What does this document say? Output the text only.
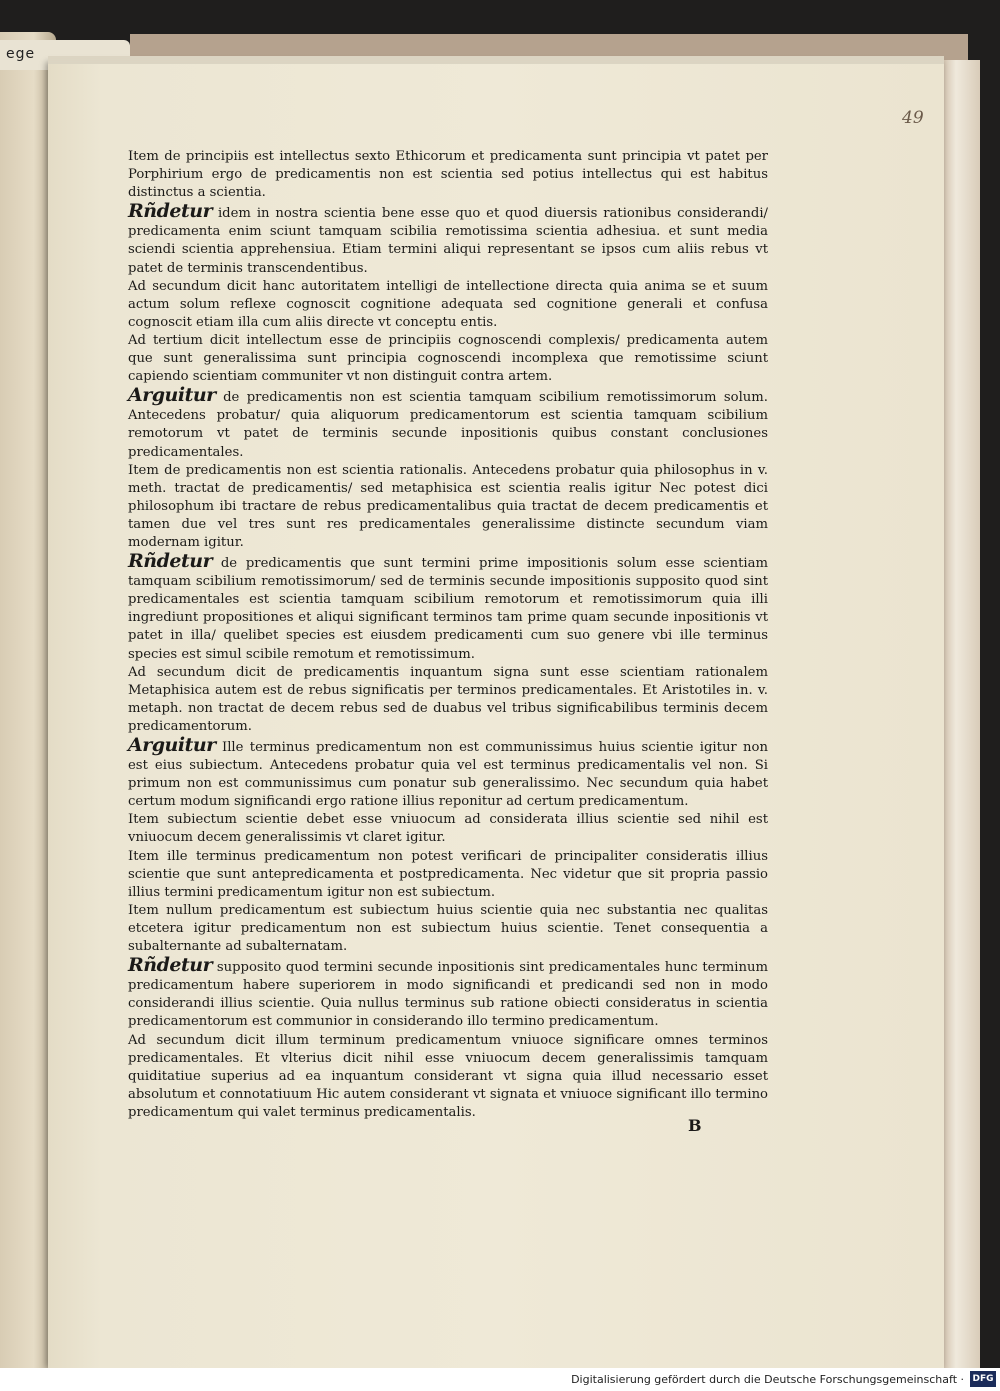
ege
49

Item de principiis est intellectus sexto Ethicorum et predicamenta sunt principia vt patet per Porphirium ergo de predicamentis non est scientia sed potius intellectus qui est habitus distinctus a scientia.

Rñdetur idem in nostra scientia bene esse quo et quod diuersis rationibus considerandi/ predicamenta enim sciunt tamquam scibilia remotissima scientia adhesiua. et sunt media sciendi scientia apprehensiua. Etiam termini aliqui representant se ipsos cum aliis rebus vt patet de terminis transcendentibus.

Ad secundum dicit hanc autoritatem intelligi de intellectione directa quia anima se et suum actum solum reflexe cognoscit cognitione adequata sed cognitione generali et confusa cognoscit etiam illa cum aliis directe vt conceptu entis.

Ad tertium dicit intellectum esse de principiis cognoscendi complexis/ predicamenta autem que sunt generalissima sunt principia cognoscendi incomplexa que remotissime sciunt capiendo scientiam communiter vt non distinguit contra artem.

Arguitur de predicamentis non est scientia tamquam scibilium remotissimorum solum. Antecedens probatur/ quia aliquorum predicamentorum est scientia tamquam scibilium remotorum vt patet de terminis secunde inpositionis quibus constant conclusiones predicamentales.

Item de predicamentis non est scientia rationalis. Antecedens probatur quia philosophus in v. meth. tractat de predicamentis/ sed metaphisica est scientia realis igitur Nec potest dici philosophum ibi tractare de rebus predicamentalibus quia tractat de decem predicamentis et tamen due vel tres sunt res predicamentales generalissime distincte secundum viam modernam igitur.

Rñdetur de predicamentis que sunt termini prime impositionis solum esse scientiam tamquam scibilium remotissimorum/ sed de terminis secunde impositionis supposito quod sint predicamentales est scientia tamquam scibilium remotorum et remotissimorum quia illi ingrediunt propositiones et aliqui significant terminos tam prime quam secunde inpositionis vt patet in illa/ quelibet species est eiusdem predicamenti cum suo genere vbi ille terminus species est simul scibile remotum et remotissimum.

Ad secundum dicit de predicamentis inquantum signa sunt esse scientiam rationalem Metaphisica autem est de rebus significatis per terminos predicamentales. Et Aristotiles in. v. metaph. non tractat de decem rebus sed de duabus vel tribus significabilibus terminis decem predicamentorum.

Arguitur Ille terminus predicamentum non est communissimus huius scientie igitur non est eius subiectum. Antecedens probatur quia vel est terminus predicamentalis vel non. Si primum non est communissimus cum ponatur sub generalissimo. Nec secundum quia habet certum modum significandi ergo ratione illius reponitur ad certum predicamentum.

Item subiectum scientie debet esse vniuocum ad considerata illius scientie sed nihil est vniuocum decem generalissimis vt claret igitur.

Item ille terminus predicamentum non potest verificari de principaliter consideratis illius scientie que sunt antepredicamenta et postpredicamenta. Nec videtur que sit propria passio illius termini predicamentum igitur non est subiectum.

Item nullum predicamentum est subiectum huius scientie quia nec substantia nec qualitas etcetera igitur predicamentum non est subiectum huius scientie. Tenet consequentia a subalternante ad subalternatam.

Rñdetur supposito quod termini secunde inpositionis sint predicamentales hunc terminum predicamentum habere superiorem in modo significandi et predicandi sed non in modo considerandi illius scientie. Quia nullus terminus sub ratione obiecti consideratus in scientia predicamentorum est communior in considerando illo termino predicamentum.

Ad secundum dicit illum terminum predicamentum vniuoce significare omnes terminos predicamentales. Et vlterius dicit nihil esse vniuocum decem generalissimis tamquam quiditatiue superius ad ea inquantum considerant vt signa quia illud necessario esset absolutum et connotatiuum Hic autem considerant vt signata et vniuoce significant illo termino predicamentum qui valet terminus predicamentalis.

B
Digitalisierung gefördert durch die Deutsche Forschungsgemeinschaft · DFG
